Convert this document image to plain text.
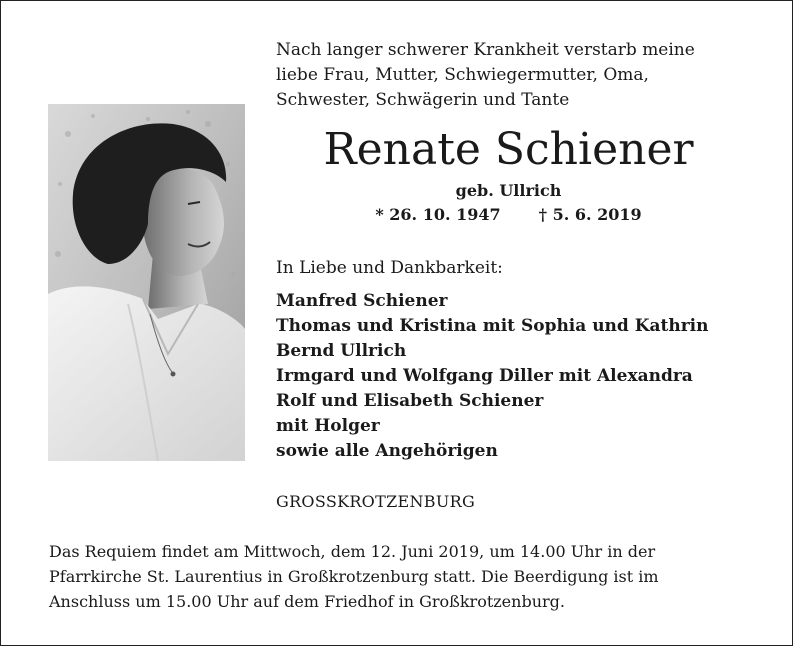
Nach langer schwerer Krankheit verstarb meine
liebe Frau, Mutter, Schwiegermutter, Oma,
Schwester, Schwägerin und Tante
Renate Schiener
geb. Ullrich
* 26. 10. 1947 † 5. 6. 2019
In Liebe und Dankbarkeit:
Manfred Schiener
Thomas und Kristina mit Sophia und Kathrin
Bernd Ullrich
Irmgard und Wolfgang Diller mit Alexandra
Rolf und Elisabeth Schiener
mit Holger
sowie alle Angehörigen
GROSSKROTZENBURG
Das Requiem findet am Mittwoch, dem 12. Juni 2019, um 14.00 Uhr in der
Pfarrkirche St. Laurentius in Großkrotzenburg statt. Die Beerdigung ist im
Anschluss um 15.00 Uhr auf dem Friedhof in Großkrotzenburg.
